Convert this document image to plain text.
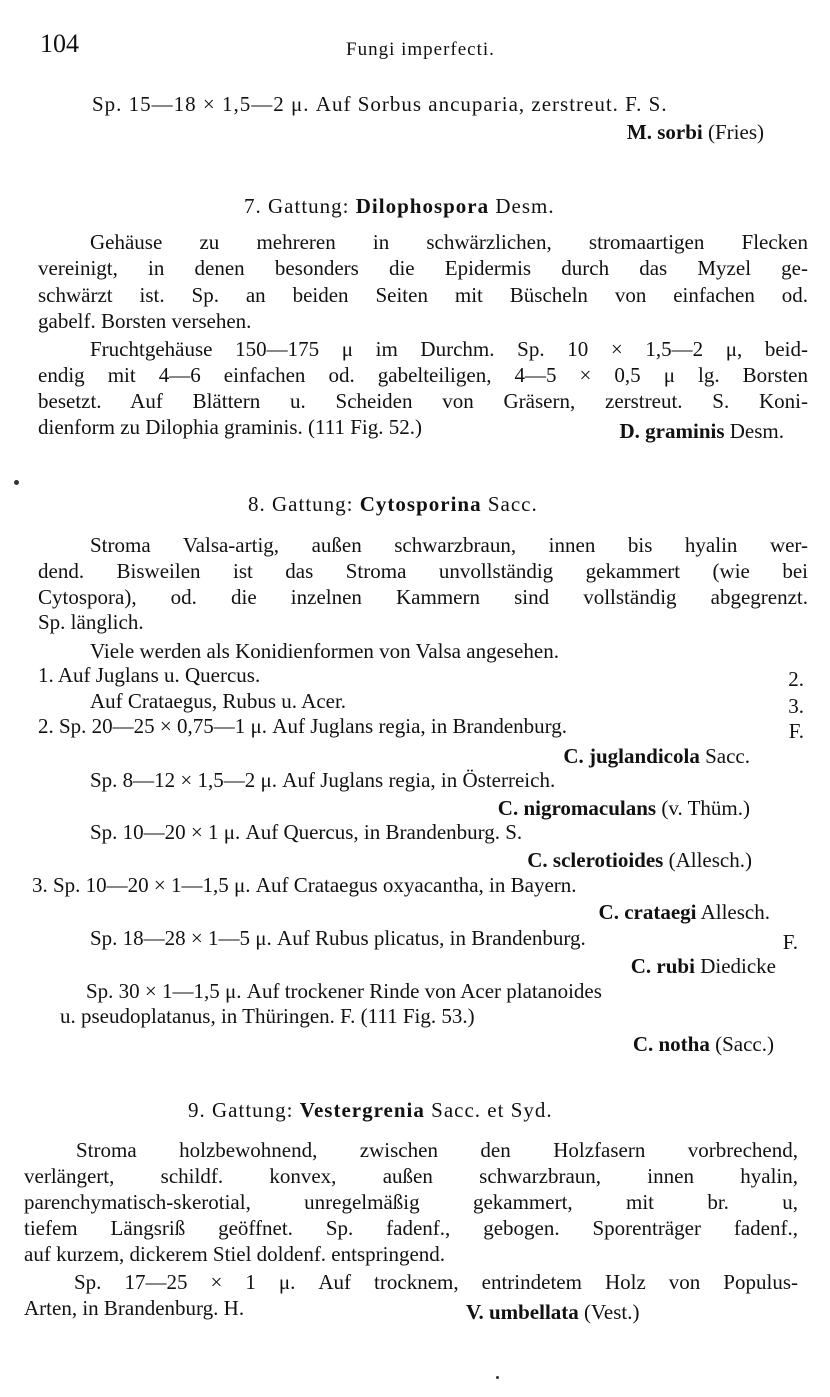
104	Fungi imperfecti.
Sp. 15—18 × 1,5—2 μ. Auf Sorbus ancuparia, zerstreut. F. S.
M. sorbi (Fries)
7. Gattung: Dilophospora Desm.
Gehäuse zu mehreren in schwärzlichen, stromaartigen Flecken
vereinigt, in denen besonders die Epidermis durch das Myzel ge-
schwärzt ist. Sp. an beiden Seiten mit Büscheln von einfachen od.
gabelf. Borsten versehen.
Fruchtgehäuse 150—175 μ im Durchm. Sp. 10 × 1,5—2 μ, beid-
endig mit 4—6 einfachen od. gabelteiligen, 4—5 × 0,5 μ lg. Borsten
besetzt. Auf Blättern u. Scheiden von Gräsern, zerstreut. S. Koni-
dienform zu Dilophia graminis. (111 Fig. 52.)	D. graminis Desm.
8. Gattung: Cytosporina Sacc.
Stroma Valsa-artig, außen schwarzbraun, innen bis hyalin wer-
dend. Bisweilen ist das Stroma unvollständig gekammert (wie bei
Cytospora), od. die inzelnen Kammern sind vollständig abgegrenzt.
Sp. länglich.
Viele werden als Konidienformen von Valsa angesehen.
1. Auf Juglans u. Quercus.	2.
Auf Crataegus, Rubus u. Acer.	3.
2. Sp. 20—25 × 0,75—1 μ. Auf Juglans regia, in Brandenburg.	F.
C. juglandicola Sacc.
Sp. 8—12 × 1,5—2 μ. Auf Juglans regia, in Österreich.
C. nigromaculans (v. Thüm.)
Sp. 10—20 × 1 μ. Auf Quercus, in Brandenburg. S.
C. sclerotioides (Allesch.)
3. Sp. 10—20 × 1—1,5 μ. Auf Crataegus oxyacantha, in Bayern.
C. crataegi Allesch.
Sp. 18—28 × 1—5 μ. Auf Rubus plicatus, in Brandenburg.	F.
C. rubi Diedicke
Sp. 30 × 1—1,5 μ. Auf trockener Rinde von Acer platanoides
u. pseudoplatanus, in Thüringen. F. (111 Fig. 53.)
C. notha (Sacc.)
9. Gattung: Vestergrenia Sacc. et Syd.
Stroma holzbewohnend, zwischen den Holzfasern vorbrechend,
verlängert, schildf. konvex, außen schwarzbraun, innen hyalin,
parenchymatisch-skerotial, unregelmäßig gekammert, mit br. u,
tiefem Längsriß geöffnet. Sp. fadenf., gebogen. Sporenträger fadenf.,
auf kurzem, dickerem Stiel doldenf. entspringend.
Sp. 17—25 × 1 μ. Auf trocknem, entrindetem Holz von Populus-
Arten, in Brandenburg. H.	V. umbellata (Vest.)
